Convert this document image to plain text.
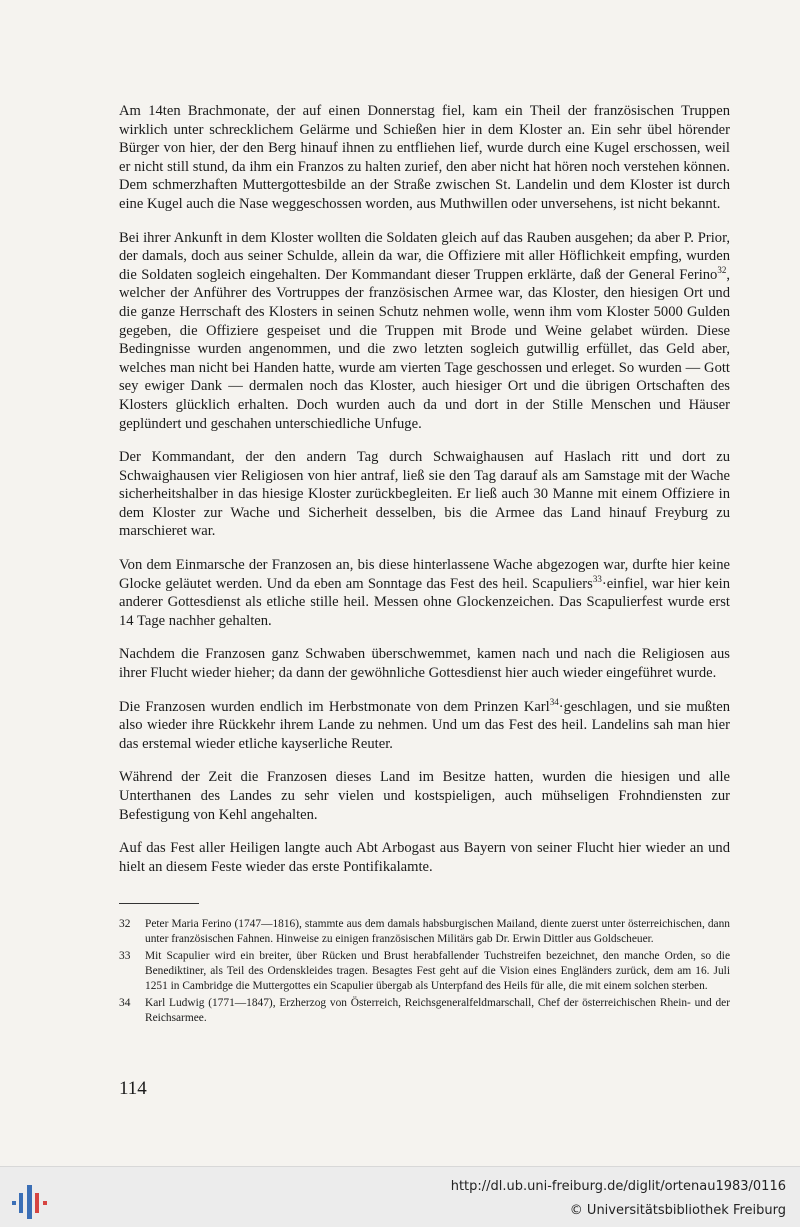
Am 14ten Brachmonate, der auf einen Donnerstag fiel, kam ein Theil der französischen Truppen wirklich unter schrecklichem Gelärme und Schießen hier in dem Kloster an. Ein sehr übel hörender Bürger von hier, der den Berg hinauf ihnen zu entfliehen lief, wurde durch eine Kugel erschossen, weil er nicht still stund, da ihm ein Franzos zu halten zurief, den aber nicht hat hören noch verstehen können. Dem schmerzhaften Muttergottesbilde an der Straße zwischen St. Landelin und dem Kloster ist durch eine Kugel auch die Nase weggeschossen worden, aus Muthwillen oder unversehens, ist nicht bekannt.

Bei ihrer Ankunft in dem Kloster wollten die Soldaten gleich auf das Rauben ausgehen; da aber P. Prior, der damals, doch aus seiner Schulde, allein da war, die Offiziere mit aller Höflichkeit empfing, wurden die Soldaten sogleich eingehalten. Der Kommandant dieser Truppen erklärte, daß der General Ferino$^{32}$, welcher der Anführer des Vortruppes der französischen Armee war, das Kloster, den hiesigen Ort und die ganze Herrschaft des Klosters in seinen Schutz nehmen wolle, wenn ihm vom Kloster 5000 Gulden gegeben, die Offiziere gespeiset und die Truppen mit Brode und Weine gelabet würden. Diese Bedingnisse wurden angenommen, und die zwo letzten sogleich gutwillig erfüllet, das Geld aber, welches man nicht bei Handen hatte, wurde am vierten Tage geschossen und erleget. So wurden — Gott sey ewiger Dank — dermalen noch das Kloster, auch hiesiger Ort und die übrigen Ortschaften des Klosters glücklich erhalten. Doch wurden auch da und dort in der Stille Menschen und Häuser geplündert und geschahen unterschiedliche Unfuge.

Der Kommandant, der den andern Tag durch Schwaighausen auf Haslach ritt und dort zu Schwaighausen vier Religiosen von hier antraf, ließ sie den Tag darauf als am Samstage mit der Wache sicherheitshalber in das hiesige Kloster zurückbegleiten. Er ließ auch 30 Manne mit einem Offiziere in dem Kloster zur Wache und Sicherheit desselben, bis die Armee das Land hinauf Freyburg zu marschieret war.

Von dem Einmarsche der Franzosen an, bis diese hinterlassene Wache abgezogen war, durfte hier keine Glocke geläutet werden. Und da eben am Sonntage das Fest des heil. Scapuliers$^{33}$·einfiel, war hier kein anderer Gottesdienst als etliche stille heil. Messen ohne Glockenzeichen. Das Scapulierfest wurde erst 14 Tage nachher gehalten.

Nachdem die Franzosen ganz Schwaben überschwemmet, kamen nach und nach die Religiosen aus ihrer Flucht wieder hieher; da dann der gewöhnliche Gottesdienst hier auch wieder eingeführet wurde.

Die Franzosen wurden endlich im Herbstmonate von dem Prinzen Karl$^{34}$·geschlagen, und sie mußten also wieder ihre Rückkehr ihrem Lande zu nehmen. Und um das Fest des heil. Landelins sah man hier das erstemal wieder etliche kayserliche Reuter.

Während der Zeit die Franzosen dieses Land im Besitze hatten, wurden die hiesigen und alle Unterthanen des Landes zu sehr vielen und kostspieligen, auch mühseligen Frohndiensten zur Befestigung von Kehl angehalten.

Auf das Fest aller Heiligen langte auch Abt Arbogast aus Bayern von seiner Flucht hier wieder an und hielt an diesem Feste wieder das erste Pontifikalamte.

32 Peter Maria Ferino (1747—1816), stammte aus dem damals habsburgischen Mailand, diente zuerst unter österreichischen, dann unter französischen Fahnen. Hinweise zu einigen französischen Militärs gab Dr. Erwin Dittler aus Goldscheuer.
33 Mit Scapulier wird ein breiter, über Rücken und Brust herabfallender Tuchstreifen bezeichnet, den manche Orden, so die Benediktiner, als Teil des Ordenskleides tragen. Besagtes Fest geht auf die Vision eines Engländers zurück, dem am 16. Juli 1251 in Cambridge die Muttergottes ein Scapulier übergab als Unterpfand des Heils für alle, die mit einem solchen sterben.
34 Karl Ludwig (1771—1847), Erzherzog von Österreich, Reichsgeneralfeldmarschall, Chef der österreichischen Rhein- und der Reichsarmee.
114
http://dl.ub.uni-freiburg.de/diglit/ortenau1983/0116
© Universitätsbibliothek Freiburg
